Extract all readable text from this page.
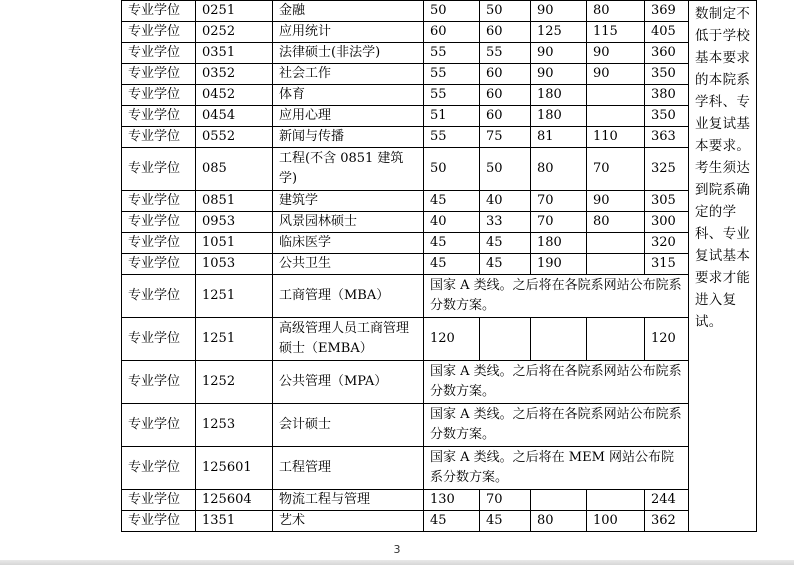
专业学位	0251	金融	50	50	90	80	369	数制定不低于学校基本要求的本院系学科、专业复试基本要求。考生须达到院系确定的学科、专业复试基本要求才能进入复试。
专业学位	0252	应用统计	60	60	125	115	405	
专业学位	0351	法律硕士(非法学)	55	55	90	90	360	
专业学位	0352	社会工作	55	60	90	90	350	
专业学位	0452	体育	55	60	180		380	
专业学位	0454	应用心理	51	60	180		350	
专业学位	0552	新闻与传播	55	75	81	110	363	
专业学位	085	工程(不含 0851 建筑学)	50	50	80	70	325	
专业学位	0851	建筑学	45	40	70	90	305	
专业学位	0953	风景园林硕士	40	33	70	80	300	
专业学位	1051	临床医学	45	45	180		320	
专业学位	1053	公共卫生	45	45	190		315	
专业学位	1251	工商管理（MBA）	国家 A 类线。之后将在各院系网站公布院系分数方案。					
专业学位	1251	高级管理人员工商管理硕士（EMBA）	120				120	
专业学位	1252	公共管理（MPA）	国家 A 类线。之后将在各院系网站公布院系分数方案。					
专业学位	1253	会计硕士	国家 A 类线。之后将在各院系网站公布院系分数方案。					
专业学位	125601	工程管理	国家 A 类线。之后将在 MEM 网站公布院系分数方案。					
专业学位	125604	物流工程与管理	130	70			244	
专业学位	1351	艺术	45	45	80	100	362	
3
